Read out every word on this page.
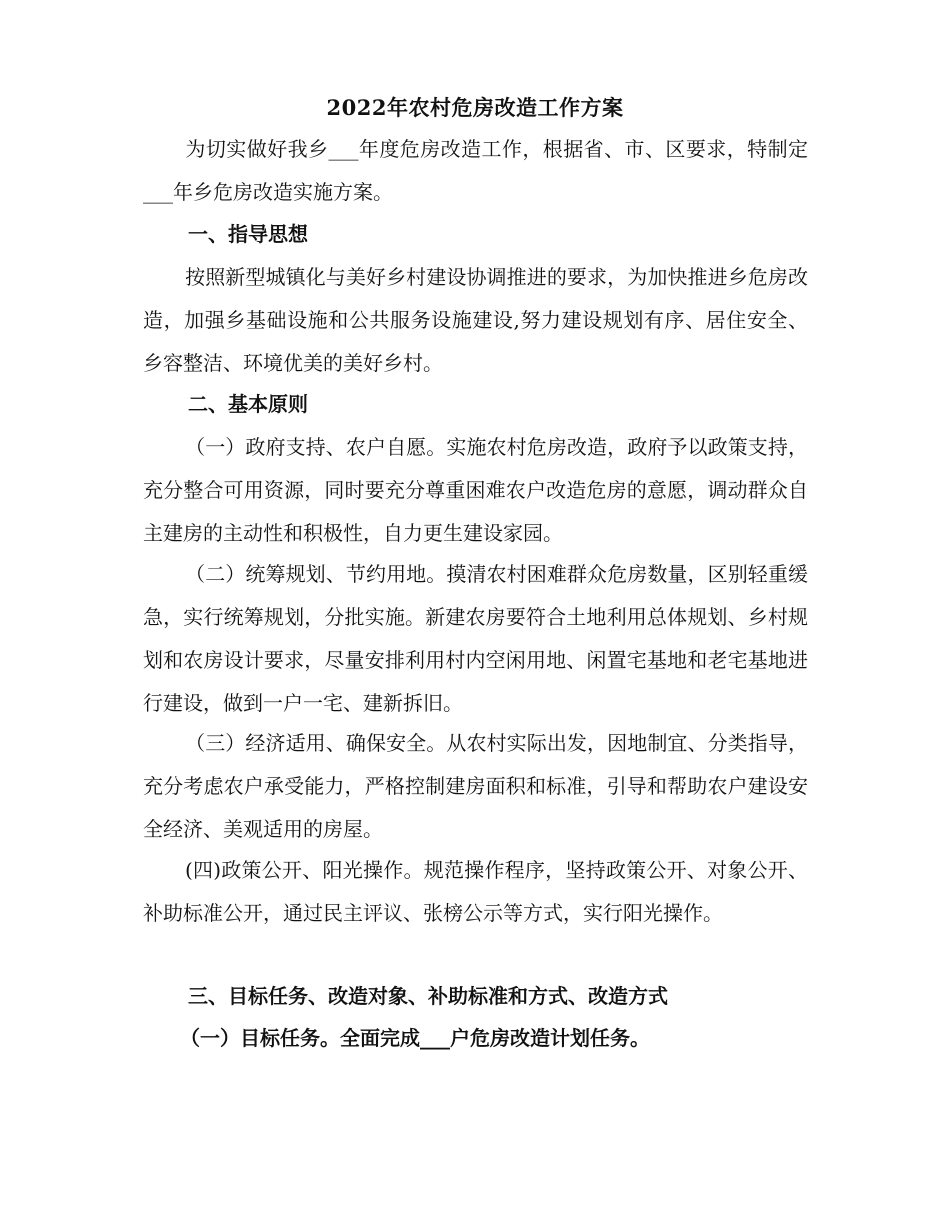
2022年农村危房改造工作方案
为切实做好我乡___年度危房改造工作，根据省、市、区要求，特制定___年乡危房改造实施方案。
一、指导思想
按照新型城镇化与美好乡村建设协调推进的要求，为加快推进乡危房改造，加强乡基础设施和公共服务设施建设,努力建设规划有序、居住安全、乡容整洁、环境优美的美好乡村。
二、基本原则
（一）政府支持、农户自愿。实施农村危房改造，政府予以政策支持，充分整合可用资源，同时要充分尊重困难农户改造危房的意愿，调动群众自主建房的主动性和积极性，自力更生建设家园。
（二）统筹规划、节约用地。摸清农村困难群众危房数量，区别轻重缓急，实行统筹规划，分批实施。新建农房要符合土地利用总体规划、乡村规划和农房设计要求，尽量安排利用村内空闲用地、闲置宅基地和老宅基地进行建设，做到一户一宅、建新拆旧。
（三）经济适用、确保安全。从农村实际出发，因地制宜、分类指导，充分考虑农户承受能力，严格控制建房面积和标准，引导和帮助农户建设安全经济、美观适用的房屋。
(四)政策公开、阳光操作。规范操作程序，坚持政策公开、对象公开、补助标准公开，通过民主评议、张榜公示等方式，实行阳光操作。
三、目标任务、改造对象、补助标准和方式、改造方式
（一）目标任务。全面完成___户危房改造计划任务。
